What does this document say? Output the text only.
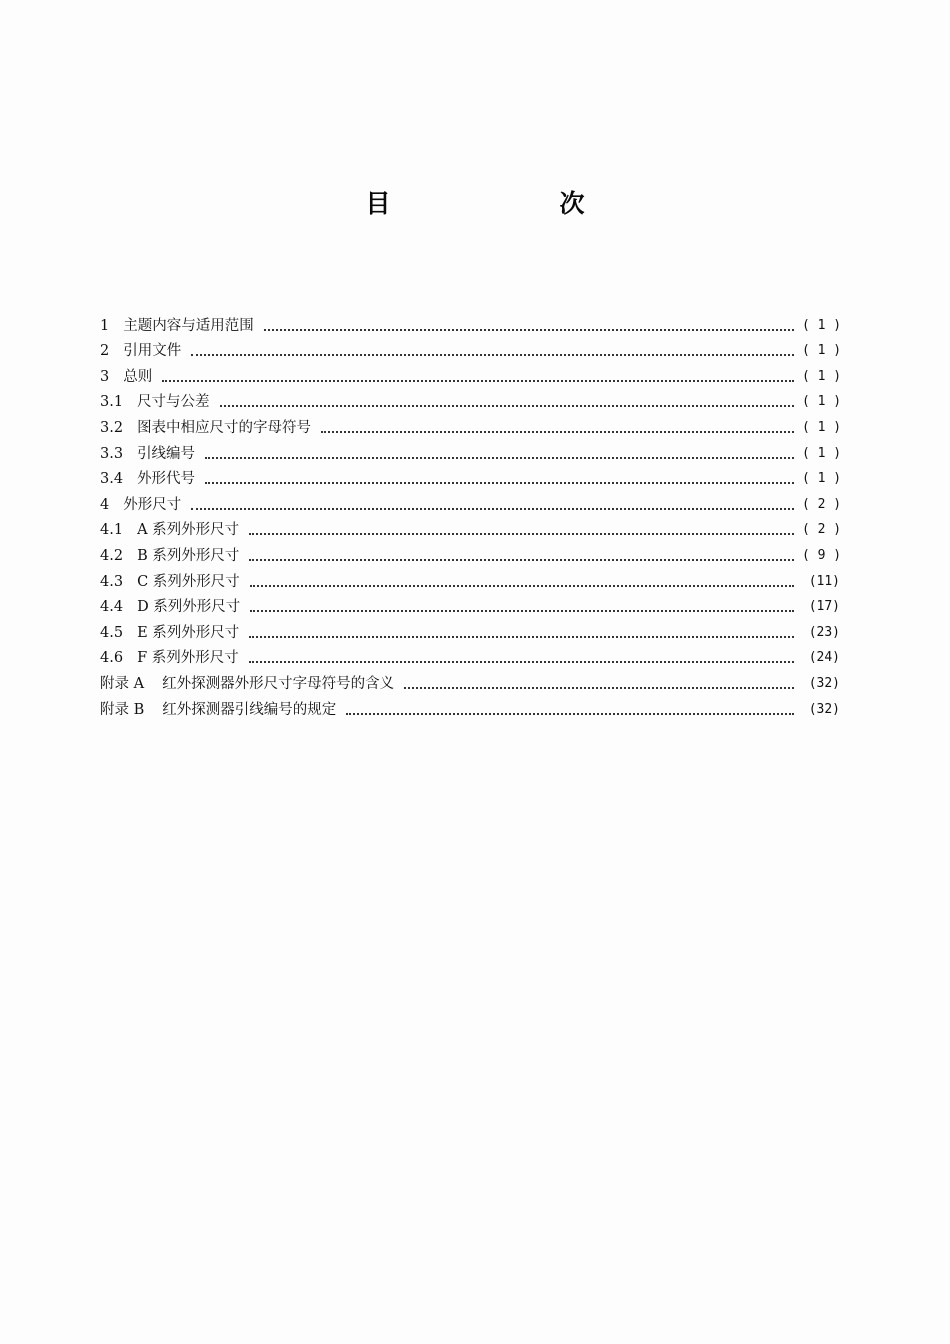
目　次
1 主题内容与适用范围	( 1 )
2 引用文件	( 1 )
3 总则	( 1 )
3.1 尺寸与公差	( 1 )
3.2 图表中相应尺寸的字母符号	( 1 )
3.3 引线编号	( 1 )
3.4 外形代号	( 1 )
4 外形尺寸	( 2 )
4.1 A 系列外形尺寸	( 2 )
4.2 B 系列外形尺寸	( 9 )
4.3 C 系列外形尺寸	(11)
4.4 D 系列外形尺寸	(17)
4.5 E 系列外形尺寸	(23)
4.6 F 系列外形尺寸	(24)
附录 A	红外探测器外形尺寸字母符号的含义	(32)
附录 B	红外探测器引线编号的规定	(32)
